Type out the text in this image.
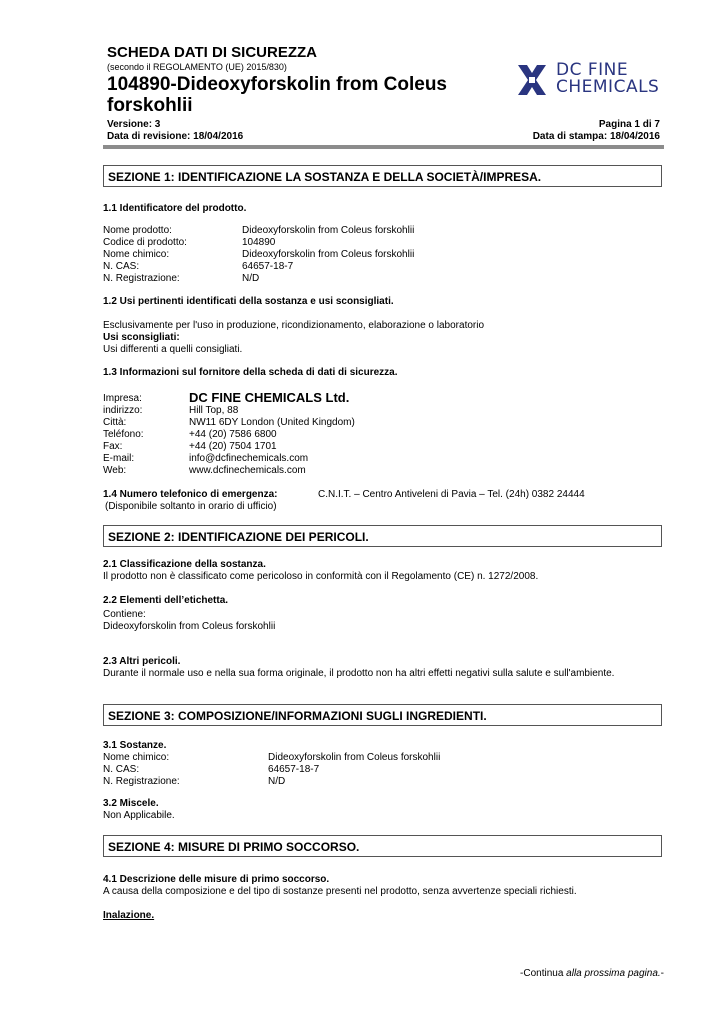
SCHEDA DATI DI SICUREZZA
(secondo il REGOLAMENTO (UE) 2015/830)
104890-Dideoxyforskolin from Coleus
forskohlii
DC FINE
CHEMICALS
Versione: 3	Pagina 1 di 7
Data di revisione: 18/04/2016	Data di stampa: 18/04/2016
SEZIONE 1: IDENTIFICAZIONE LA SOSTANZA E DELLA SOCIETÀ/IMPRESA.
1.1 Identificatore del prodotto.
Nome prodotto:	Dideoxyforskolin from Coleus forskohlii
Codice di prodotto:	104890
Nome chimico:	Dideoxyforskolin from Coleus forskohlii
N. CAS:	64657-18-7
N. Registrazione:	N/D
1.2 Usi pertinenti identificati della sostanza e usi sconsigliati.
Esclusivamente per l'uso in produzione, ricondizionamento, elaborazione o laboratorio
Usi sconsigliati:
Usi differenti a quelli consigliati.
1.3 Informazioni sul fornitore della scheda di dati di sicurezza.
Impresa:	DC FINE CHEMICALS Ltd.
indirizzo:	Hill Top, 88
Città:	NW11 6DY London (United Kingdom)
Teléfono:	+44 (20) 7586 6800
Fax:	+44 (20) 7504 1701
E-mail:	info@dcfinechemicals.com
Web:	www.dcfinechemicals.com
1.4 Numero telefonico di emergenza:	C.N.I.T. – Centro Antiveleni di Pavia – Tel. (24h) 0382 24444
(Disponibile soltanto in orario di ufficio)
SEZIONE 2: IDENTIFICAZIONE DEI PERICOLI.
2.1 Classificazione della sostanza.
Il prodotto non è classificato come pericoloso in conformità con il Regolamento (CE) n. 1272/2008.
2.2 Elementi dell’etichetta.
Contiene:
Dideoxyforskolin from Coleus forskohlii
2.3 Altri pericoli.
Durante il normale uso e nella sua forma originale, il prodotto non ha altri effetti negativi sulla salute e sull'ambiente.
SEZIONE 3: COMPOSIZIONE/INFORMAZIONI SUGLI INGREDIENTI.
3.1 Sostanze.
Nome chimico:	Dideoxyforskolin from Coleus forskohlii
N. CAS:	64657-18-7
N. Registrazione:	N/D
3.2 Miscele.
Non Applicabile.
SEZIONE 4: MISURE DI PRIMO SOCCORSO.
4.1 Descrizione delle misure di primo soccorso.
A causa della composizione e del tipo di sostanze presenti nel prodotto, senza avvertenze speciali richiesti.
Inalazione.
-Continua alla prossima pagina.-
